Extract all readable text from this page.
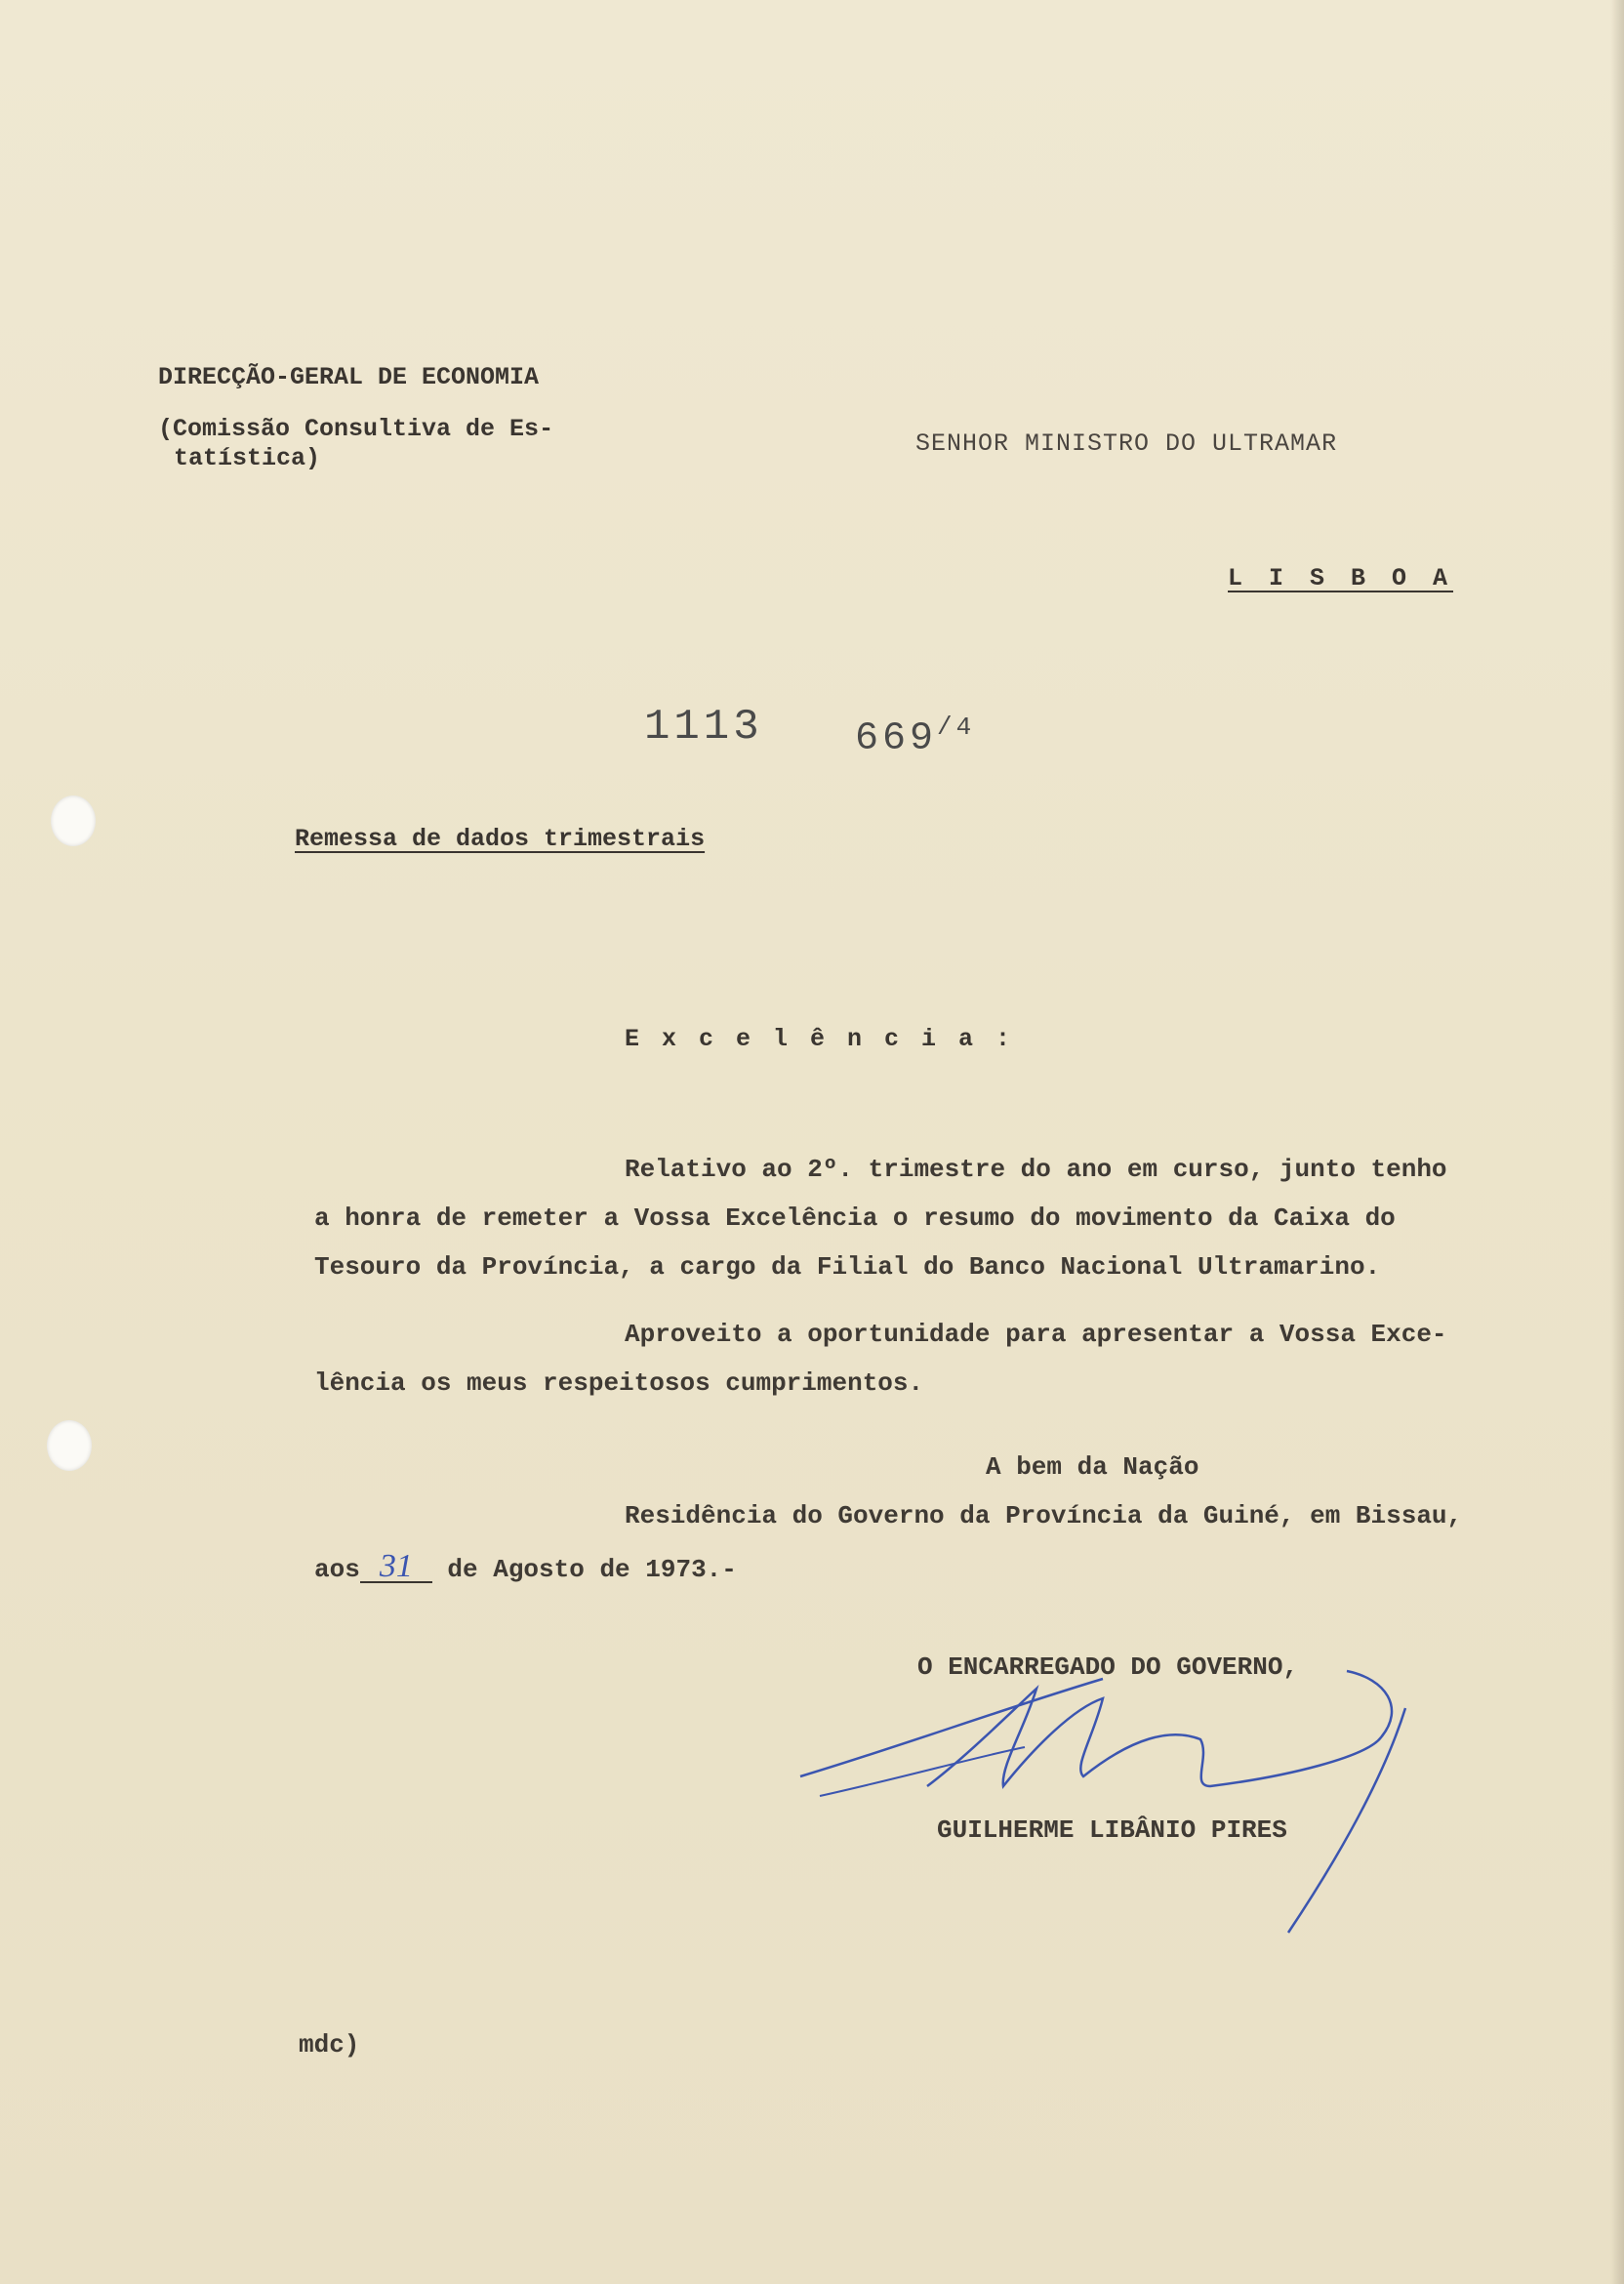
DIRECÇÃO-GERAL DE ECONOMIA
(Comissão Consultiva de Es-
tatística)
SENHOR MINISTRO DO ULTRAMAR
L I S B O A
1113 $669^{/4}$
Remessa de dados trimestrais
E x c e l ê n c i a :
Relativo ao 2º. trimestre do ano em curso, junto tenho
a honra de remeter a Vossa Excelência o resumo do movimento da Caixa do
Tesouro da Província, a cargo da Filial do Banco Nacional Ultramarino.
Aproveito a oportunidade para apresentar a Vossa Exce-
lência os meus respeitosos cumprimentos.
A bem da Nação
Residência do Governo da Província da Guiné, em Bissau,
aos 31 de Agosto de 1973.-
O ENCARREGADO DO GOVERNO,
GUILHERME LIBÂNIO PIRES
mdc)
